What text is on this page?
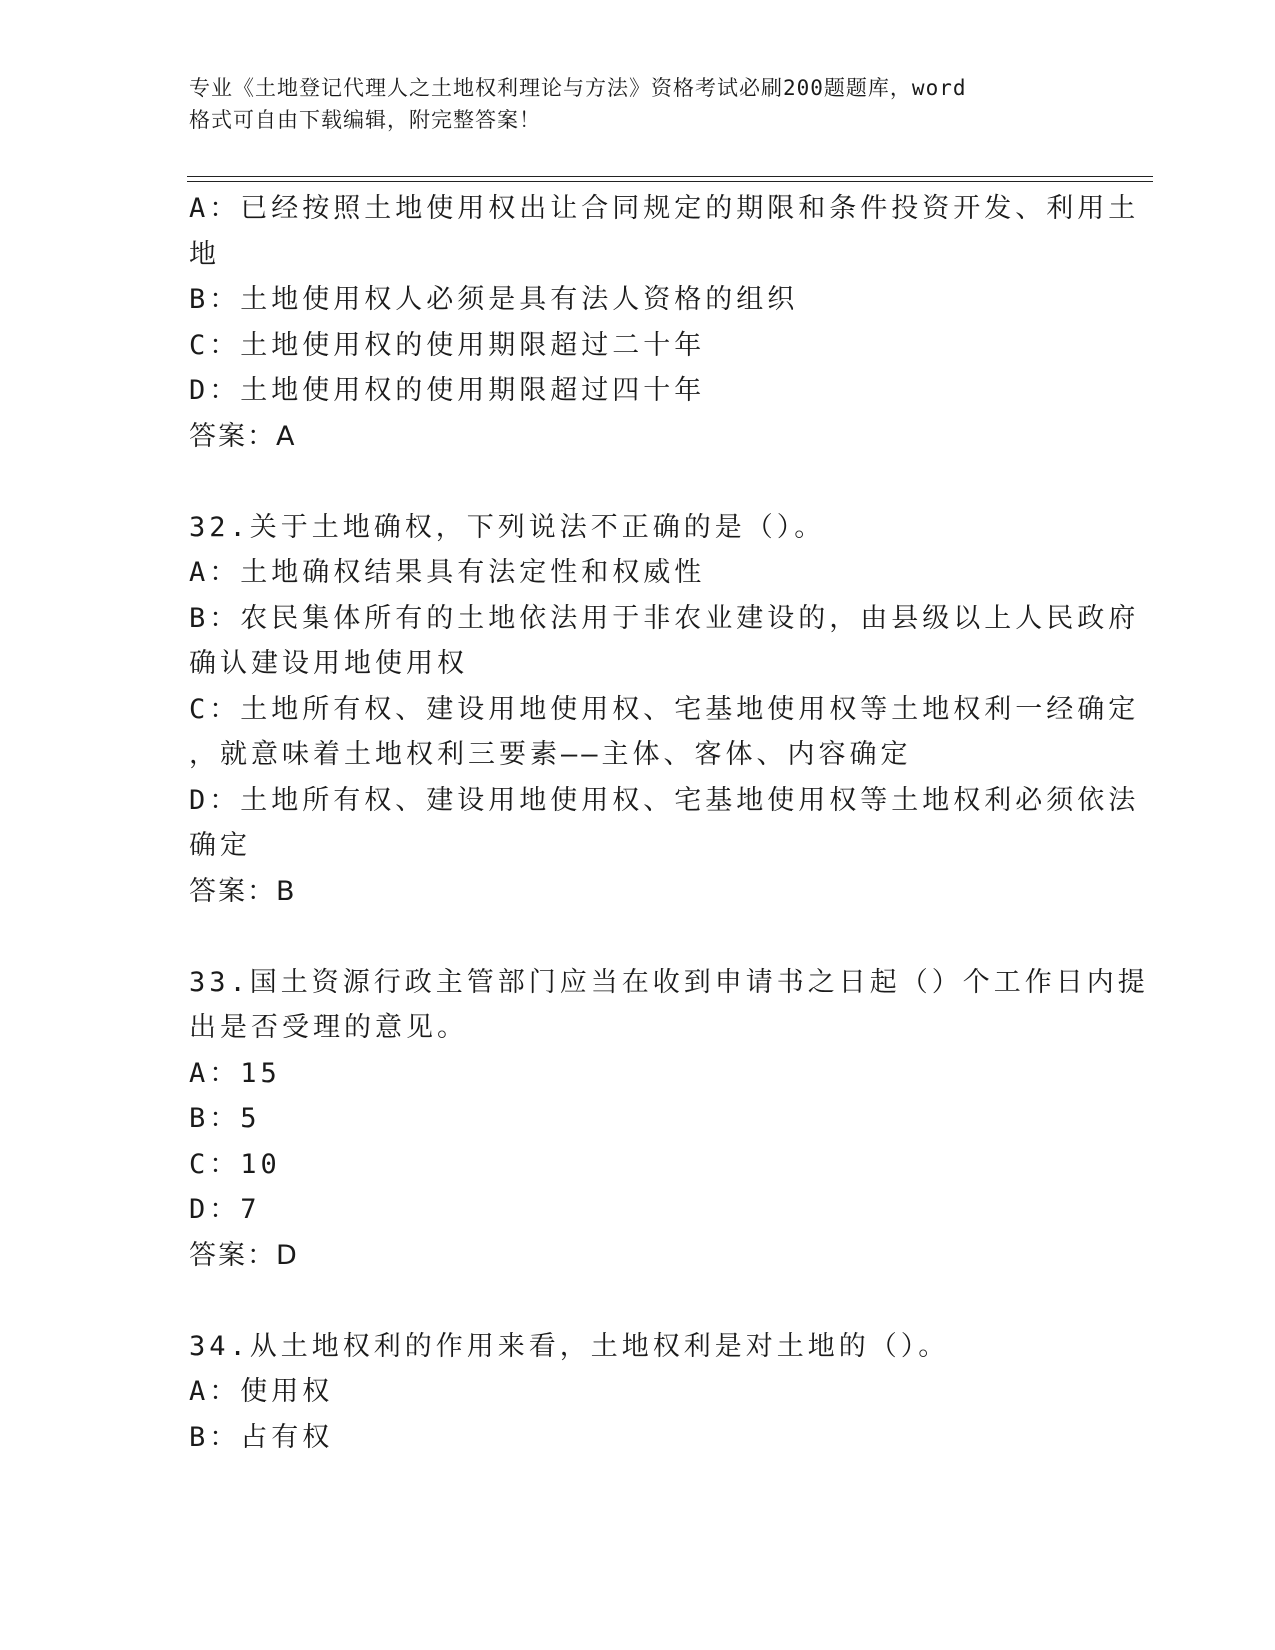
专业《土地登记代理人之土地权利理论与方法》资格考试必刷200题题库，word
格式可自由下载编辑，附完整答案！
A：已经按照土地使用权出让合同规定的期限和条件投资开发、利用土
地
B：土地使用权人必须是具有法人资格的组织
C：土地使用权的使用期限超过二十年
D：土地使用权的使用期限超过四十年
答案：A
32.关于土地确权，下列说法不正确的是（）。
A：土地确权结果具有法定性和权威性
B：农民集体所有的土地依法用于非农业建设的，由县级以上人民政府
确认建设用地使用权
C：土地所有权、建设用地使用权、宅基地使用权等土地权利一经确定
，就意味着土地权利三要素——主体、客体、内容确定
D：土地所有权、建设用地使用权、宅基地使用权等土地权利必须依法
确定
答案：B
33.国土资源行政主管部门应当在收到申请书之日起（）个工作日内提
出是否受理的意见。
A：15
B：5
C：10
D：7
答案：D
34.从土地权利的作用来看，土地权利是对土地的（）。
A：使用权
B：占有权
